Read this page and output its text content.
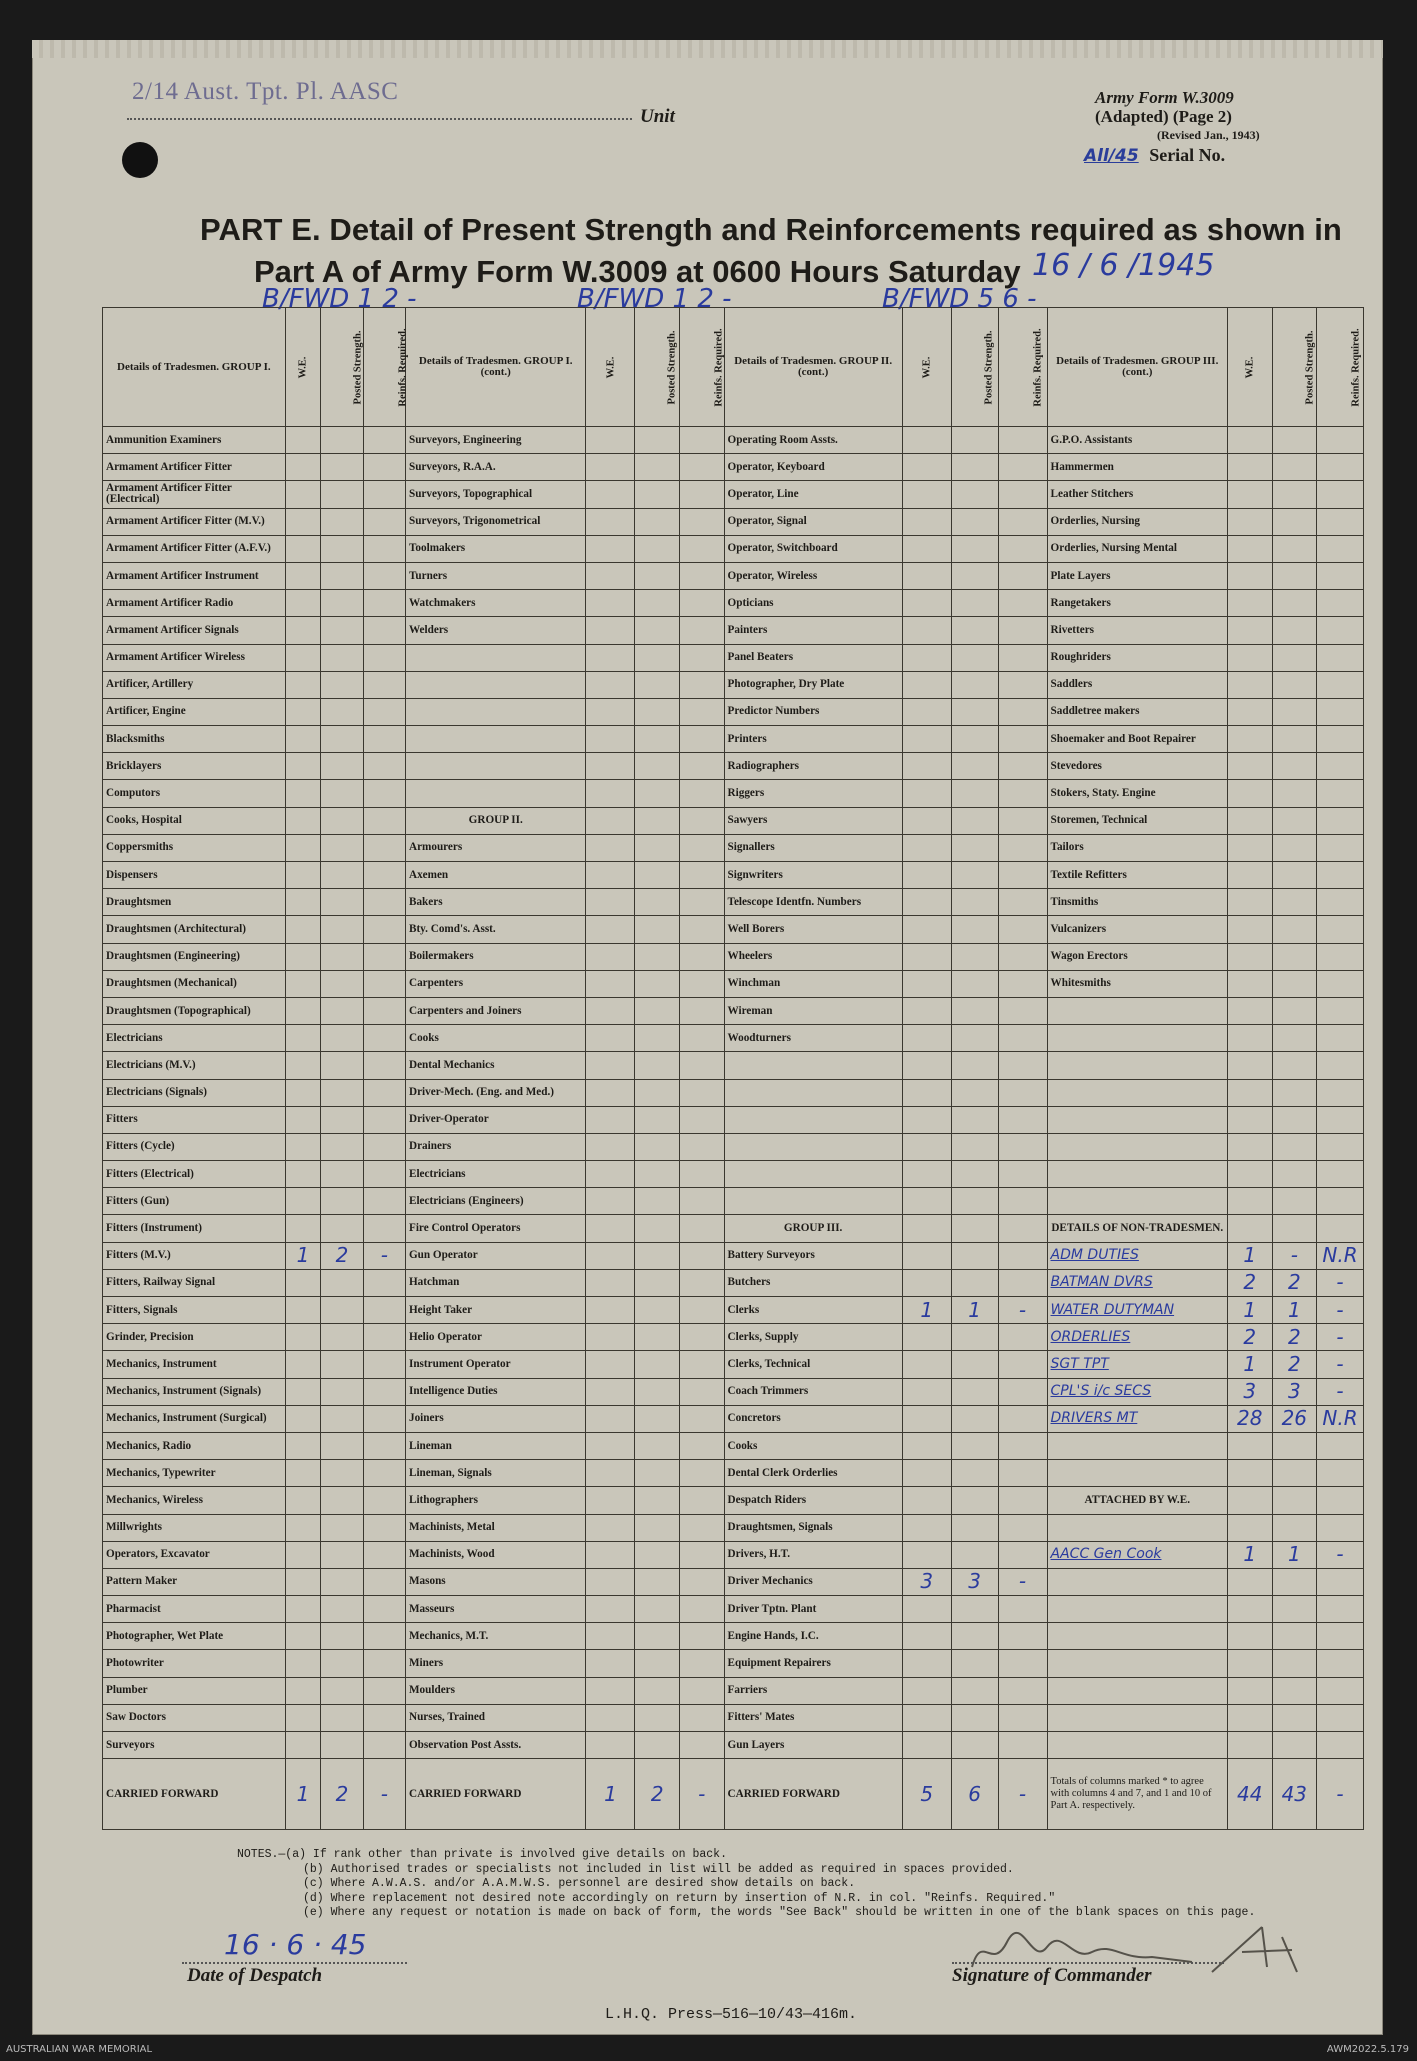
2/14 Aust. Tpt. Pl. AASC
Unit
Army Form W.3009
(Adapted) (Page 2)
(Revised Jan., 1943)
All/45 Serial No.
PART E. Detail of Present Strength and Reinforcements required as shown in
Part A of Army Form W.3009 at 0600 Hours Saturday 16 / 6 /1945
B/FWD 1 2 -	B/FWD 1 2 -	B/FWD 5 6 -
Details of Tradesmen. GROUP I.	W.E.	Posted Strength.	Reinfs. Required.	Details of Tradesmen. GROUP I. (cont.)	W.E.	Posted Strength.	Reinfs. Required.	Details of Tradesmen. GROUP II. (cont.)	W.E.	Posted Strength.	Reinfs. Required.	Details of Tradesmen. GROUP III. (cont.)	W.E.	Posted Strength.	Reinfs. Required.
Ammunition Examiners				Surveyors, Engineering				Operating Room Assts.				G.P.O. Assistants			
Armament Artificer Fitter				Surveyors, R.A.A.				Operator, Keyboard				Hammermen			
Armament Artificer Fitter (Electrical)				Surveyors, Topographical				Operator, Line				Leather Stitchers			
Armament Artificer Fitter (M.V.)				Surveyors, Trigonometrical				Operator, Signal				Orderlies, Nursing			
Armament Artificer Fitter (A.F.V.)				Toolmakers				Operator, Switchboard				Orderlies, Nursing Mental			
Armament Artificer Instrument				Turners				Operator, Wireless				Plate Layers			
Armament Artificer Radio				Watchmakers				Opticians				Rangetakers			
Armament Artificer Signals				Welders				Painters				Rivetters			
Armament Artificer Wireless								Panel Beaters				Roughriders			
Artificer, Artillery								Photographer, Dry Plate				Saddlers			
Artificer, Engine								Predictor Numbers				Saddletree makers			
Blacksmiths								Printers				Shoemaker and Boot Repairer			
Bricklayers								Radiographers				Stevedores			
Computors								Riggers				Stokers, Staty. Engine			
Cooks, Hospital				GROUP II.				Sawyers				Storemen, Technical			
Coppersmiths				Armourers				Signallers				Tailors			
Dispensers				Axemen				Signwriters				Textile Refitters			
Draughtsmen				Bakers				Telescope Identfn. Numbers				Tinsmiths			
Draughtsmen (Architectural)				Bty. Comd's. Asst.				Well Borers				Vulcanizers			
Draughtsmen (Engineering)				Boilermakers				Wheelers				Wagon Erectors			
Draughtsmen (Mechanical)				Carpenters				Winchman				Whitesmiths			
Draughtsmen (Topographical)				Carpenters and Joiners				Wireman							
Electricians				Cooks				Woodturners							
Electricians (M.V.)				Dental Mechanics											
Electricians (Signals)				Driver-Mech. (Eng. and Med.)											
Fitters				Driver-Operator											
Fitters (Cycle)				Drainers											
Fitters (Electrical)				Electricians											
Fitters (Gun)				Electricians (Engineers)											
Fitters (Instrument)				Fire Control Operators				GROUP III.				DETAILS OF NON-TRADESMEN.			
Fitters (M.V.)	1	2	-	Gun Operator				Battery Surveyors				ADM DUTIES	1	-	N.R
Fitters, Railway Signal				Hatchman				Butchers				BATMAN DVRS	2	2	-
Fitters, Signals				Height Taker				Clerks	1	1	-	WATER DUTYMAN	1	1	-
Grinder, Precision				Helio Operator				Clerks, Supply				ORDERLIES	2	2	-
Mechanics, Instrument				Instrument Operator				Clerks, Technical				SGT TPT	1	2	-
Mechanics, Instrument (Signals)				Intelligence Duties				Coach Trimmers				CPL'S i/c SECS	3	3	-
Mechanics, Instrument (Surgical)				Joiners				Concretors				DRIVERS MT	28	26	N.R
Mechanics, Radio				Lineman				Cooks							
Mechanics, Typewriter				Lineman, Signals				Dental Clerk Orderlies							
Mechanics, Wireless				Lithographers				Despatch Riders				ATTACHED BY W.E.			
Millwrights				Machinists, Metal				Draughtsmen, Signals							
Operators, Excavator				Machinists, Wood				Drivers, H.T.				AACC Gen Cook	1	1	-
Pattern Maker				Masons				Driver Mechanics	3	3	-				
Pharmacist				Masseurs				Driver Tptn. Plant							
Photographer, Wet Plate				Mechanics, M.T.				Engine Hands, I.C.							
Photowriter				Miners				Equipment Repairers							
Plumber				Moulders				Farriers							
Saw Doctors				Nurses, Trained				Fitters' Mates							
Surveyors				Observation Post Assts.				Gun Layers							
CARRIED FORWARD	1	2	-	CARRIED FORWARD	1	2	-	CARRIED FORWARD	5	6	-	Totals of columns marked * to agree with columns 4 and 7, and 1 and 10 of Part A. respectively.	44	43	-
NOTES.—(a) If rank other than private is involved give details on back.
(b) Authorised trades or specialists not included in list will be added as required in spaces provided.
(c) Where A.W.A.S. and/or A.A.M.W.S. personnel are desired show details on back.
(d) Where replacement not desired note accordingly on return by insertion of N.R. in col. "Reinfs. Required."
(e) Where any request or notation is made on back of form, the words "See Back" should be written in one of the blank spaces on this page.
16 · 6 · 45
Date of Despatch	Signature of Commander
L.H.Q. Press—516—10/43—416m.
AUSTRALIAN WAR MEMORIAL	AWM2022.5.179
